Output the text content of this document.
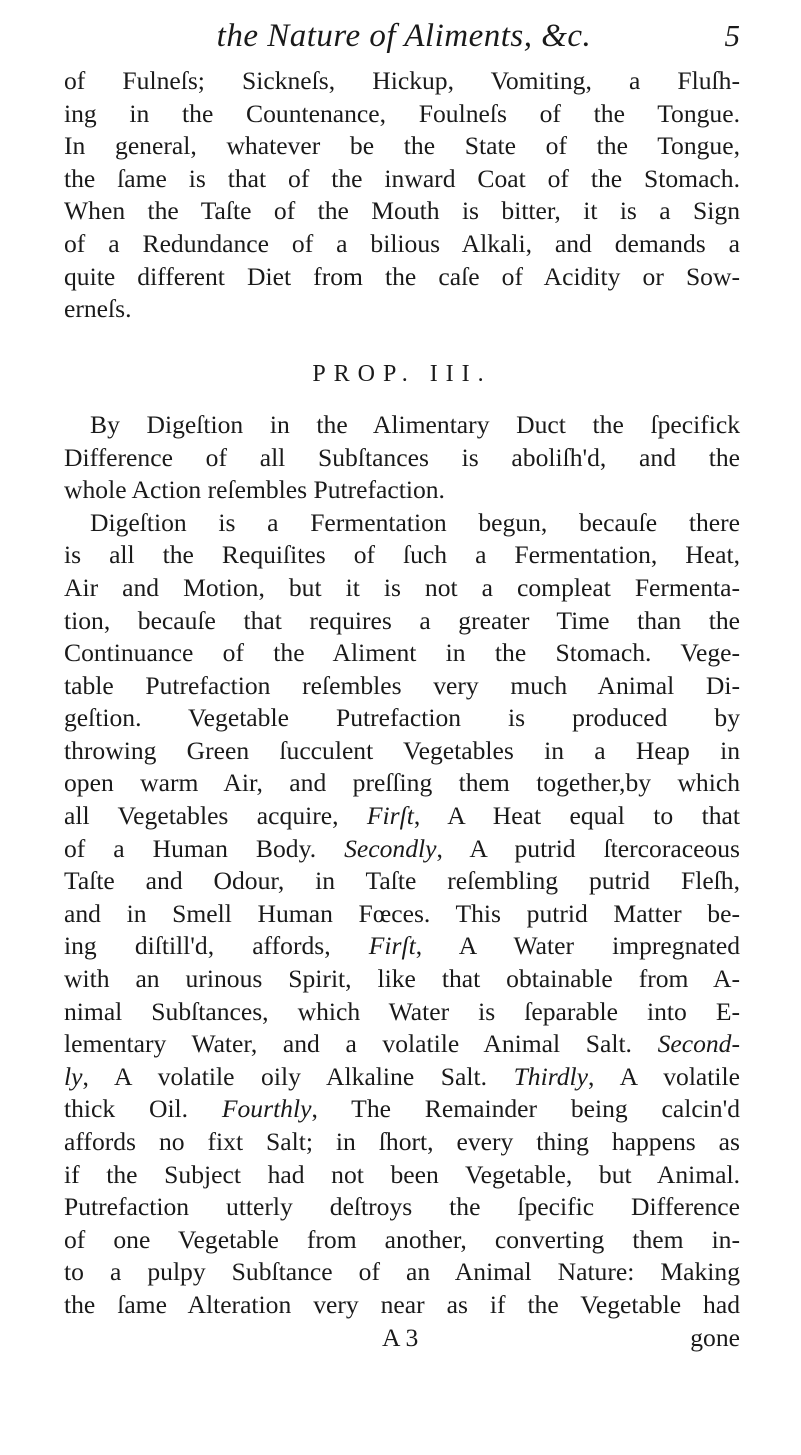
the Nature of Aliments, &c.	5
of Fulneſs; Sickneſs, Hickup, Vomiting, a Fluſh-
ing in the Countenance, Foulneſs of the Tongue.
In general, whatever be the State of the Tongue,
the ſame is that of the inward Coat of the Stomach.
When the Taſte of the Mouth is bitter, it is a Sign
of a Redundance of a bilious Alkali, and demands a
quite different Diet from the caſe of Acidity or Sow-
erneſs.
PROP. III.
By Digeſtion in the Alimentary Duct the ſpecifick
Difference of all Subſtances is aboliſh'd, and the
whole Action reſembles Putrefaction.
Digeſtion is a Fermentation begun, becauſe there
is all the Requiſites of ſuch a Fermentation, Heat,
Air and Motion, but it is not a compleat Fermenta-
tion, becauſe that requires a greater Time than the
Continuance of the Aliment in the Stomach. Vege-
table Putrefaction reſembles very much Animal Di-
geſtion. Vegetable Putrefaction is produced by
throwing Green ſucculent Vegetables in a Heap in
open warm Air, and preſſing them together,by which
all Vegetables acquire, Firſt, A Heat equal to that
of a Human Body. Secondly, A putrid ſtercoraceous
Taſte and Odour, in Taſte reſembling putrid Fleſh,
and in Smell Human Fœces. This putrid Matter be-
ing diſtill'd, affords, Firſt, A Water impregnated
with an urinous Spirit, like that obtainable from A-
nimal Subſtances, which Water is ſeparable into E-
lementary Water, and a volatile Animal Salt. Second-
ly, A volatile oily Alkaline Salt. Thirdly, A volatile
thick Oil. Fourthly, The Remainder being calcin'd
affords no fixt Salt; in ſhort, every thing happens as
if the Subject had not been Vegetable, but Animal.
Putrefaction utterly deſtroys the ſpecific Difference
of one Vegetable from another, converting them in-
to a pulpy Subſtance of an Animal Nature: Making
the ſame Alteration very near as if the Vegetable had
A 3	gone
